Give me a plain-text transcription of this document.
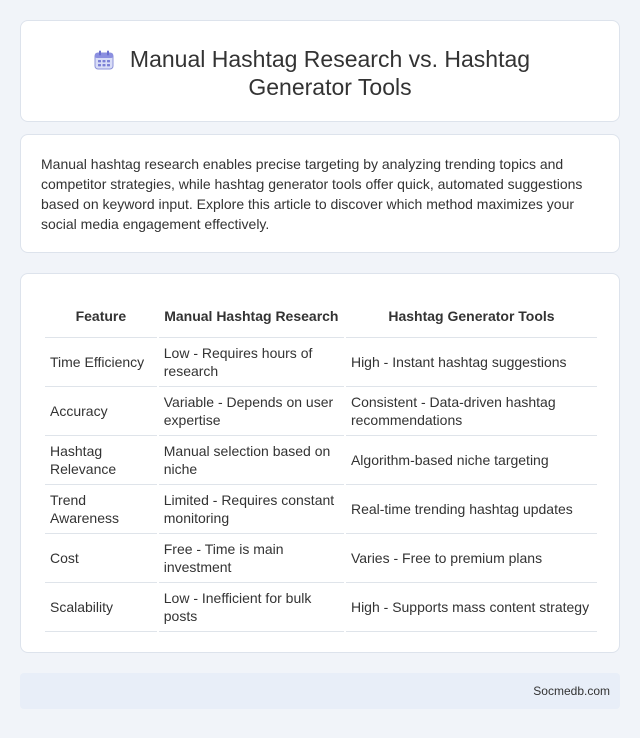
Manual Hashtag Research vs. Hashtag Generator Tools

Manual hashtag research enables precise targeting by analyzing trending topics and competitor strategies, while hashtag generator tools offer quick, automated suggestions based on keyword input. Explore this article to discover which method maximizes your social media engagement effectively.

Feature	Manual Hashtag Research	Hashtag Generator Tools
Time Efficiency	Low - Requires hours of research	High - Instant hashtag suggestions
Accuracy	Variable - Depends on user expertise	Consistent - Data-driven hashtag recommendations
Hashtag Relevance	Manual selection based on niche	Algorithm-based niche targeting
Trend Awareness	Limited - Requires constant monitoring	Real-time trending hashtag updates
Cost	Free - Time is main investment	Varies - Free to premium plans
Scalability	Low - Inefficient for bulk posts	High - Supports mass content strategy
Socmedb.com
